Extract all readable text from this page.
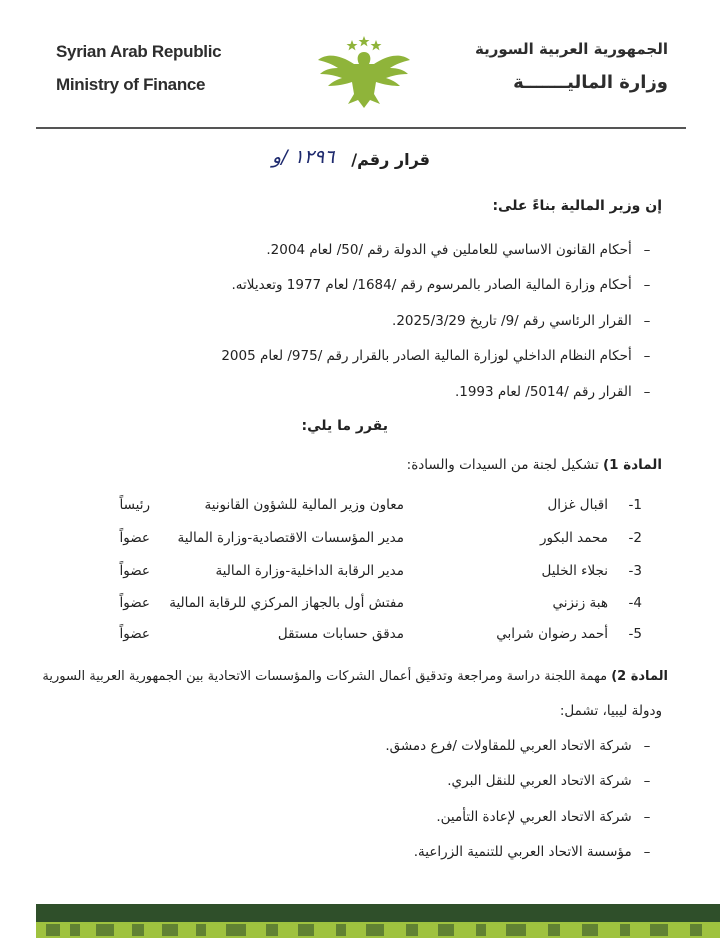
Syrian Arab Republic
Ministry of Finance
الجمهورية العربية السورية
وزارة الماليـــــــة
قرار رقم/
١٢٩٦ /و
إن وزير المالية بناءً على:
– أحكام القانون الاساسي للعاملين في الدولة رقم /50/ لعام 2004.
– أحكام وزارة المالية الصادر بالمرسوم رقم /1684/ لعام 1977 وتعديلاته.
– القرار الرئاسي رقم /9/ تاريخ 2025/3/29.
– أحكام النظام الداخلي لوزارة المالية الصادر بالقرار رقم /975/ لعام 2005
– القرار رقم /5014/ لعام 1993.
يقرر ما يلي:
المادة 1) تشكيل لجنة من السيدات والسادة:
1-
اقبال غزال
معاون وزير المالية للشؤون القانونية
رئيساً
2-
محمد البكور
مدير المؤسسات الاقتصادية-وزارة المالية
عضواً
3-
نجلاء الخليل
مدير الرقابة الداخلية-وزارة المالية
عضواً
4-
هبة زنزني
مفتش أول بالجهاز المركزي للرقابة المالية
عضواً
5-
أحمد رضوان شرابي
مدقق حسابات مستقل
عضواً
المادة 2) مهمة اللجنة دراسة ومراجعة وتدقيق أعمال الشركات والمؤسسات الاتحادية بين الجمهورية العربية السورية
ودولة ليبيا، تشمل:
– شركة الاتحاد العربي للمقاولات /فرع دمشق.
– شركة الاتحاد العربي للنقل البري.
– شركة الاتحاد العربي لإعادة التأمين.
– مؤسسة الاتحاد العربي للتنمية الزراعية.
